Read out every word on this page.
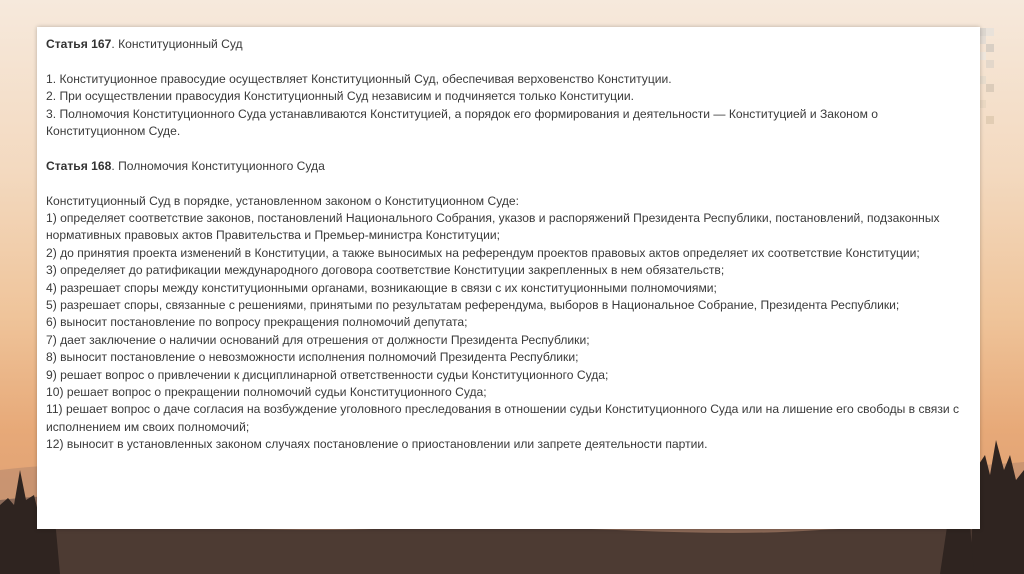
Статья 167. Конституционный Суд

1. Конституционное правосудие осуществляет Конституционный Суд, обеспечивая верховенство Конституции.

2. При осуществлении правосудия Конституционный Суд независим и подчиняется только Конституции.

3. Полномочия Конституционного Суда устанавливаются Конституцией, а порядок его формирования и деятельности — Конституцией и Законом о Конституционном Суде.

Статья 168. Полномочия Конституционного Суда

Конституционный Суд в порядке, установленном законом о Конституционном Суде:

1) определяет соответствие законов, постановлений Национального Собрания, указов и распоряжений Президента Республики, постановлений, подзаконных нормативных правовых актов Правительства и Премьер-министра Конституции;

2) до принятия проекта изменений в Конституции, а также выносимых на референдум проектов правовых актов определяет их соответствие Конституции;

3) определяет до ратификации международного договора соответствие Конституции закрепленных в нем обязательств;

4) разрешает споры между конституционными органами, возникающие в связи с их конституционными полномочиями;

5) разрешает споры, связанные с решениями, принятыми по результатам референдума, выборов в Национальное Собрание, Президента Республики;

6) выносит постановление по вопросу прекращения полномочий депутата;

7) дает заключение о наличии оснований для отрешения от должности Президента Республики;

8) выносит постановление о невозможности исполнения полномочий Президента Республики;

9) решает вопрос о привлечении к дисциплинарной ответственности судьи Конституционного Суда;

10) решает вопрос о прекращении полномочий судьи Конституционного Суда;

11) решает вопрос о даче согласия на возбуждение уголовного преследования в отношении судьи Конституционного Суда или на лишение его свободы в связи с исполнением им своих полномочий;

12) выносит в установленных законом случаях постановление о приостановлении или запрете деятельности партии.
